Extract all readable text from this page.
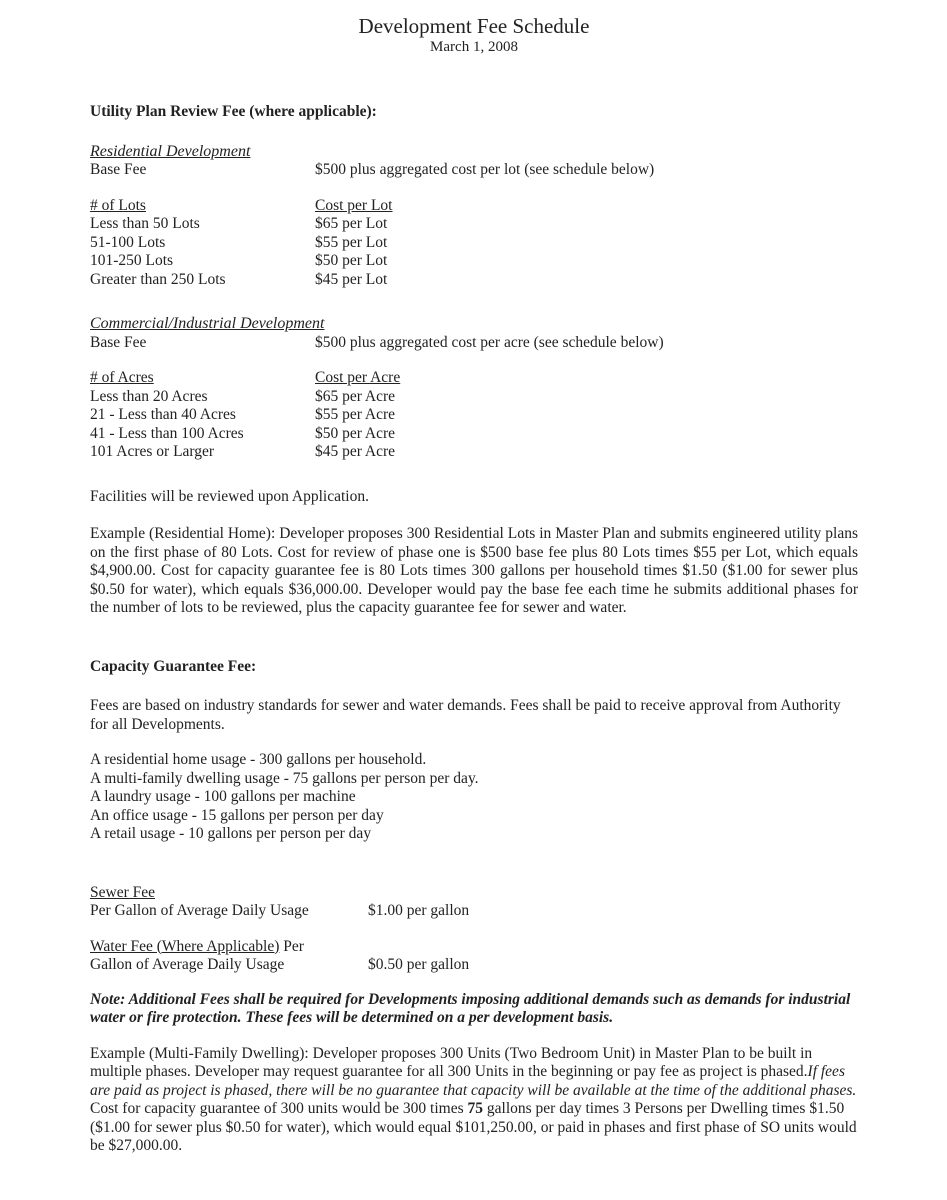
Development Fee Schedule
March 1, 2008
Utility Plan Review Fee (where applicable):
Residential Development
Base Fee	$500 plus aggregated cost per lot (see schedule below)
# of Lots	Cost per Lot
Less than 50 Lots	$65 per Lot
51-100 Lots	$55 per Lot
101-250 Lots	$50 per Lot
Greater than 250 Lots	$45 per Lot
Commercial/Industrial Development
Base Fee	$500 plus aggregated cost per acre (see schedule below)
# of Acres	Cost per Acre
Less than 20 Acres	$65 per Acre
21 - Less than 40 Acres	$55 per Acre
41 - Less than 100 Acres	$50 per Acre
101 Acres or Larger	$45 per Acre
Facilities will be reviewed upon Application.

Example (Residential Home): Developer proposes 300 Residential Lots in Master Plan and submits engineered utility plans on the first phase of 80 Lots. Cost for review of phase one is $500 base fee plus 80 Lots times $55 per Lot, which equals $4,900.00. Cost for capacity guarantee fee is 80 Lots times 300 gallons per household times $1.50 ($1.00 for sewer plus $0.50 for water), which equals $36,000.00. Developer would pay the base fee each time he submits additional phases for the number of lots to be reviewed, plus the capacity guarantee fee for sewer and water.

Capacity Guarantee Fee:

Fees are based on industry standards for sewer and water demands. Fees shall be paid to receive approval from Authority for all Developments.

A residential home usage - 300 gallons per household.
A multi-family dwelling usage - 75 gallons per person per day.
A laundry usage - 100 gallons per machine
An office usage - 15 gallons per person per day
A retail usage - 10 gallons per person per day
Sewer Fee
Per Gallon of Average Daily Usage	$1.00 per gallon
Water Fee (Where Applicable) Per
Gallon of Average Daily Usage	$0.50 per gallon

Note: Additional Fees shall be required for Developments imposing additional demands such as demands for industrial water or fire protection. These fees will be determined on a per development basis.

Example (Multi-Family Dwelling): Developer proposes 300 Units (Two Bedroom Unit) in Master Plan to be built in multiple phases. Developer may request guarantee for all 300 Units in the beginning or pay fee as project is phased.If fees are paid as project is phased, there will be no guarantee that capacity will be available at the time of the additional phases. Cost for capacity guarantee of 300 units would be 300 times 75 gallons per day times 3 Persons per Dwelling times $1.50 ($1.00 for sewer plus $0.50 for water), which would equal $101,250.00, or paid in phases and first phase of SO units would be $27,000.00.
